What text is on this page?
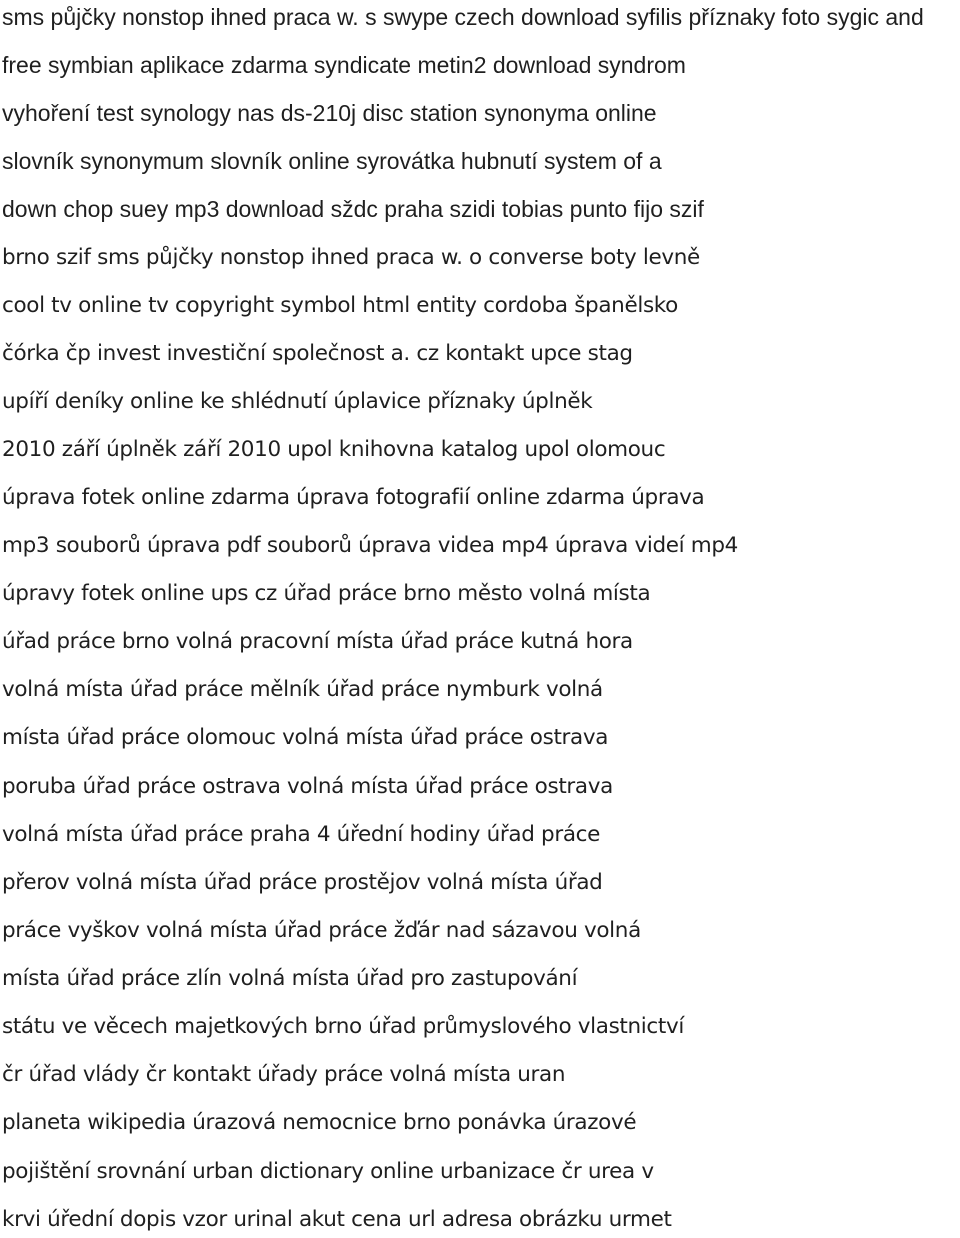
sms půjčky nonstop ihned praca w. s swype czech download syfilis příznaky foto sygic and
free symbian aplikace zdarma syndicate metin2 download syndrom
vyhoření test synology nas ds-210j disc station synonyma online
slovník synonymum slovník online syrovátka hubnutí system of a
down chop suey mp3 download sždc praha szidi tobias punto fijo szif
brno szif sms půjčky nonstop ihned praca w. o converse boty levně
cool tv online tv copyright symbol html entity cordoba španělsko
čórka čp invest investiční společnost a. cz kontakt upce stag
upíří deníky online ke shlédnutí úplavice příznaky úplněk
2010 září úplněk září 2010 upol knihovna katalog upol olomouc
úprava fotek online zdarma úprava fotografií online zdarma úprava
mp3 souborů úprava pdf souborů úprava videa mp4 úprava videí mp4
úpravy fotek online ups cz úřad práce brno město volná místa
úřad práce brno volná pracovní místa úřad práce kutná hora
volná místa úřad práce mělník úřad práce nymburk volná
místa úřad práce olomouc volná místa úřad práce ostrava
poruba úřad práce ostrava volná místa úřad práce ostrava
volná místa úřad práce praha 4 úřední hodiny úřad práce
přerov volná místa úřad práce prostějov volná místa úřad
práce vyškov volná místa úřad práce žďár nad sázavou volná
místa úřad práce zlín volná místa úřad pro zastupování
státu ve věcech majetkových brno úřad průmyslového vlastnictví
čr úřad vlády čr kontakt úřady práce volná místa uran
planeta wikipedia úrazová nemocnice brno ponávka úrazové
pojištění srovnání urban dictionary online urbanizace čr urea v
krvi úřední dopis vzor urinal akut cena url adresa obrázku urmet
